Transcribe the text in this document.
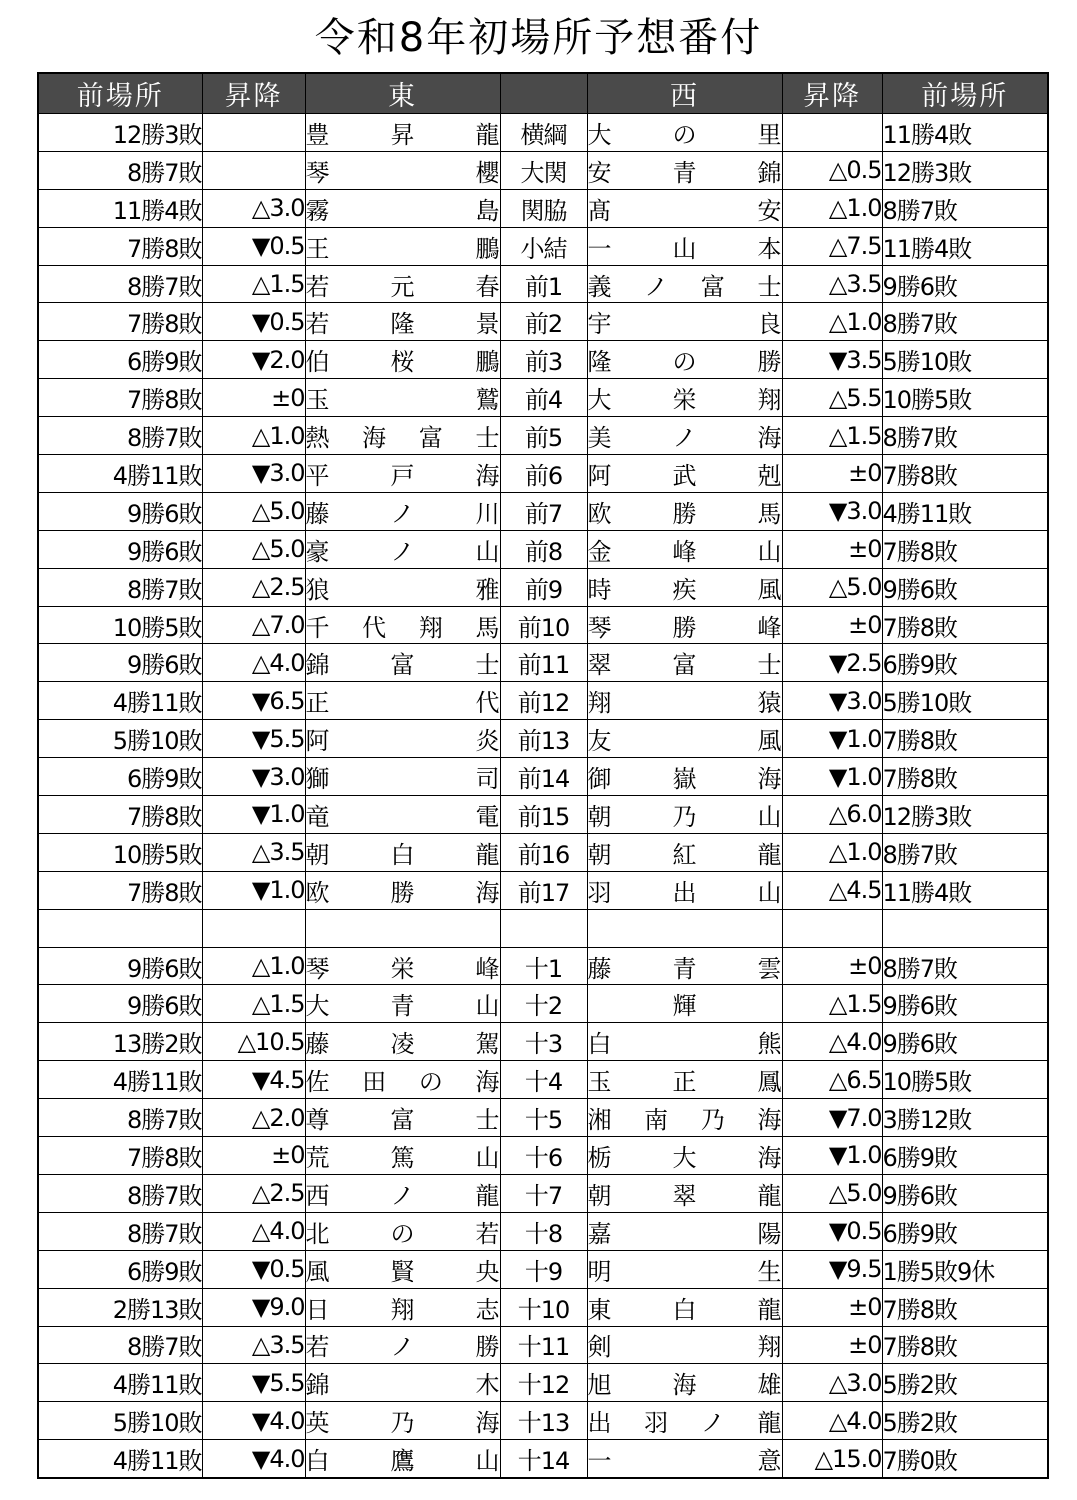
令和8年初場所予想番付
前場所	昇降	東		西	昇降	前場所
12勝3敗		豊昇龍	横綱	大の里		11勝4敗
8勝7敗		琴櫻	大関	安青錦	△0.5	12勝3敗
11勝4敗	△3.0	霧島	関脇	髙安	△1.0	8勝7敗
7勝8敗	▼0.5	王鵬	小結	一山本	△7.5	11勝4敗
8勝7敗	△1.5	若元春	前1	義ノ富士	△3.5	9勝6敗
7勝8敗	▼0.5	若隆景	前2	宇良	△1.0	8勝7敗
6勝9敗	▼2.0	伯桜鵬	前3	隆の勝	▼3.5	5勝10敗
7勝8敗	±0	玉鷲	前4	大栄翔	△5.5	10勝5敗
8勝7敗	△1.0	熱海富士	前5	美ノ海	△1.5	8勝7敗
4勝11敗	▼3.0	平戸海	前6	阿武剋	±0	7勝8敗
9勝6敗	△5.0	藤ノ川	前7	欧勝馬	▼3.0	4勝11敗
9勝6敗	△5.0	豪ノ山	前8	金峰山	±0	7勝8敗
8勝7敗	△2.5	狼雅	前9	時疾風	△5.0	9勝6敗
10勝5敗	△7.0	千代翔馬	前10	琴勝峰	±0	7勝8敗
9勝6敗	△4.0	錦富士	前11	翠富士	▼2.5	6勝9敗
4勝11敗	▼6.5	正代	前12	翔猿	▼3.0	5勝10敗
5勝10敗	▼5.5	阿炎	前13	友風	▼1.0	7勝8敗
6勝9敗	▼3.0	獅司	前14	御嶽海	▼1.0	7勝8敗
7勝8敗	▼1.0	竜電	前15	朝乃山	△6.0	12勝3敗
10勝5敗	△3.5	朝白龍	前16	朝紅龍	△1.0	8勝7敗
7勝8敗	▼1.0	欧勝海	前17	羽出山	△4.5	11勝4敗

9勝6敗	△1.0	琴栄峰	十1	藤青雲	±0	8勝7敗
9勝6敗	△1.5	大青山	十2	輝	△1.5	9勝6敗
13勝2敗	△10.5	藤凌駕	十3	白熊	△4.0	9勝6敗
4勝11敗	▼4.5	佐田の海	十4	玉正鳳	△6.5	10勝5敗
8勝7敗	△2.0	尊富士	十5	湘南乃海	▼7.0	3勝12敗
7勝8敗	±0	荒篤山	十6	栃大海	▼1.0	6勝9敗
8勝7敗	△2.5	西ノ龍	十7	朝翠龍	△5.0	9勝6敗
8勝7敗	△4.0	北の若	十8	嘉陽	▼0.5	6勝9敗
6勝9敗	▼0.5	風賢央	十9	明生	▼9.5	1勝5敗9休
2勝13敗	▼9.0	日翔志	十10	東白龍	±0	7勝8敗
8勝7敗	△3.5	若ノ勝	十11	剣翔	±0	7勝8敗
4勝11敗	▼5.5	錦木	十12	旭海雄	△3.0	5勝2敗
5勝10敗	▼4.0	英乃海	十13	出羽ノ龍	△4.0	5勝2敗
4勝11敗	▼4.0	白鷹山	十14	一意	△15.0	7勝0敗
